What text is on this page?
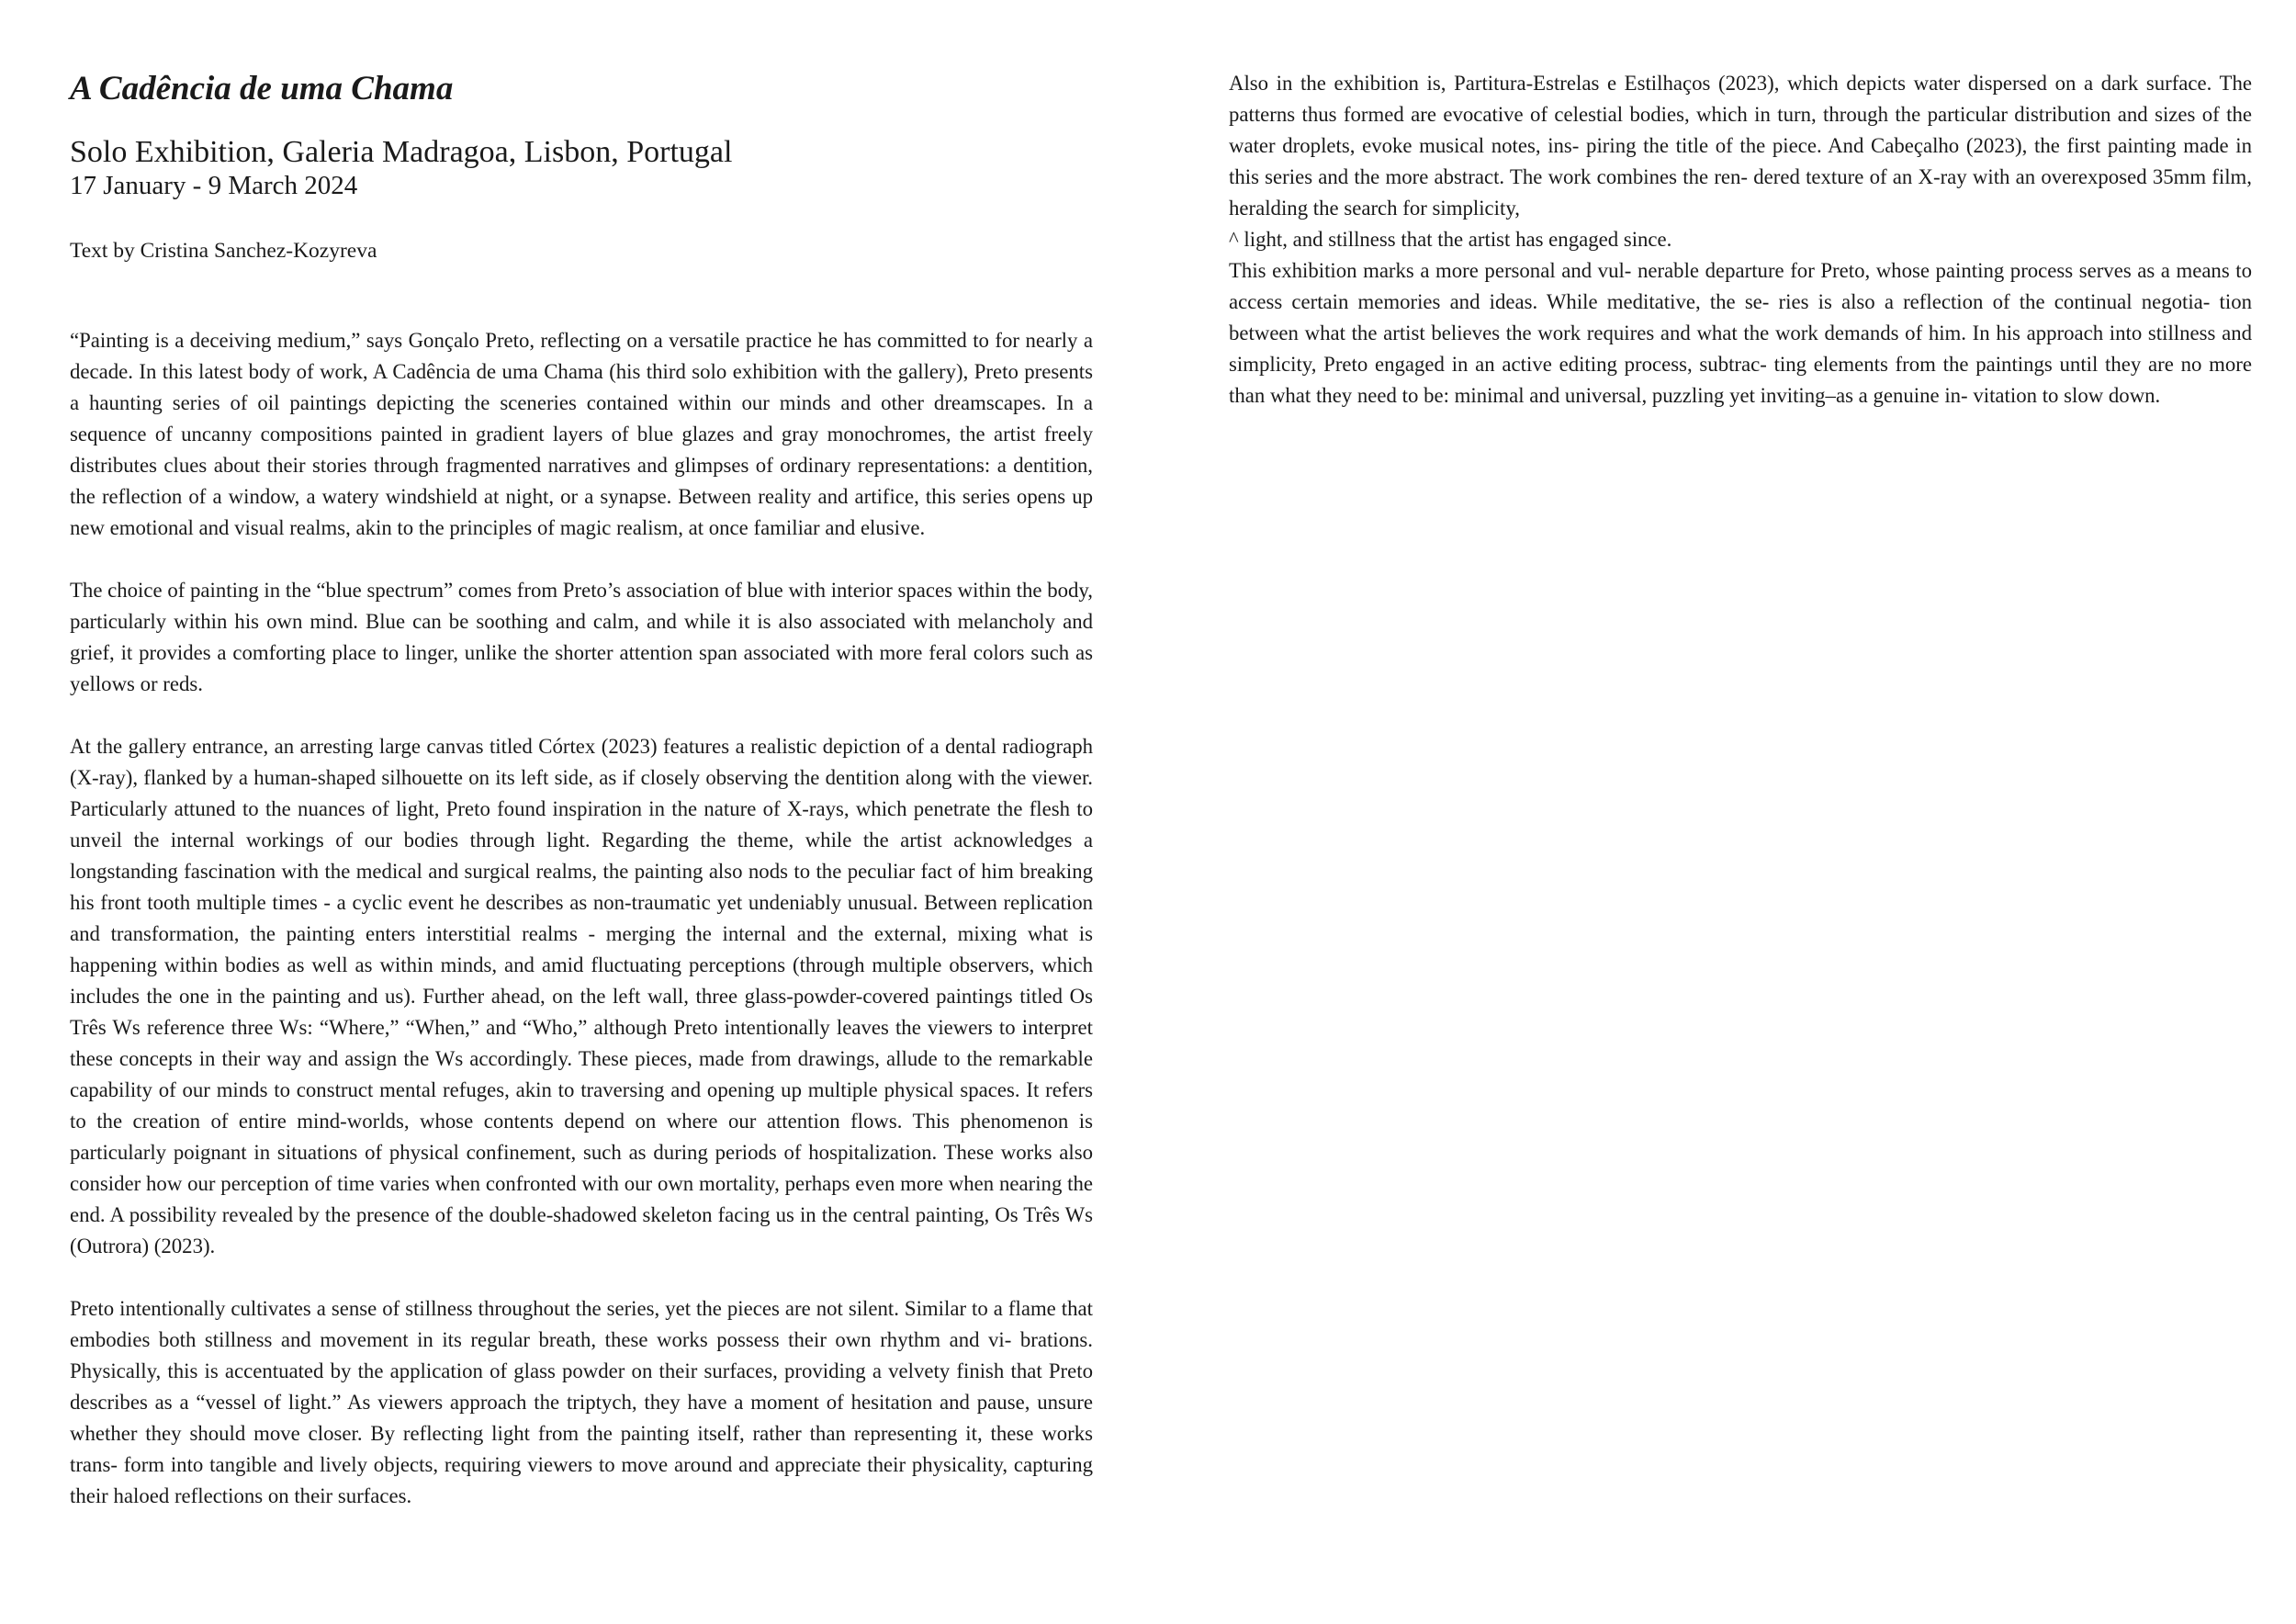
A Cadência de uma Chama

Solo Exhibition, Galeria Madragoa, Lisbon, Portugal

17 January - 9 March 2024

Text by Cristina Sanchez-Kozyreva

“Painting is a deceiving medium,” says Gonçalo Preto, reflecting on a versatile practice he has committed to for nearly a decade. In this latest body of work, A Cadência de uma Chama (his third solo exhibition with the gallery), Preto presents a haunting series of oil paintings depicting the sceneries contained within our minds and other dreamscapes. In a sequence of uncanny compositions painted in gradient layers of blue glazes and gray monochromes, the artist freely distributes clues about their stories through fragmented narratives and glimpses of ordinary representations: a dentition, the reflection of a window, a watery windshield at night, or a synapse. Between reality and artifice, this series opens up new emotional and visual realms, akin to the principles of magic realism, at once familiar and elusive.

The choice of painting in the “blue spectrum” comes from Preto’s association of blue with interior spaces within the body, particularly within his own mind. Blue can be soothing and calm, and while it is also associated with melancholy and grief, it provides a comforting place to linger, unlike the shorter attention span associated with more feral colors such as yellows or reds.

At the gallery entrance, an arresting large canvas titled Córtex (2023) features a realistic depiction of a dental radiograph (X-ray), flanked by a human-shaped silhouette on its left side, as if closely observing the dentition along with the viewer. Particularly attuned to the nuances of light, Preto found inspiration in the nature of X-rays, which penetrate the flesh to unveil the internal workings of our bodies through light. Regarding the theme, while the artist acknowledges a longstanding fascination with the medical and surgical realms, the painting also nods to the peculiar fact of him breaking his front tooth multiple times - a cyclic event he describes as non-traumatic yet undeniably unusual. Between replication and transformation, the painting enters interstitial realms - merging the internal and the external, mixing what is happening within bodies as well as within minds, and amid fluctuating perceptions (through multiple observers, which includes the one in the painting and us). Further ahead, on the left wall, three glass-powder-covered paintings titled Os Três Ws reference three Ws: “Where,” “When,” and “Who,” although Preto intentionally leaves the viewers to interpret these concepts in their way and assign the Ws accordingly. These pieces, made from drawings, allude to the remarkable capability of our minds to construct mental refuges, akin to traversing and opening up multiple physical spaces. It refers to the creation of entire mind-worlds, whose contents depend on where our attention flows. This phenomenon is particularly poignant in situations of physical confinement, such as during periods of hospitalization. These works also consider how our perception of time varies when confronted with our own mortality, perhaps even more when nearing the end. A possibility revealed by the presence of the double-shadowed skeleton facing us in the central painting, Os Três Ws (Outrora) (2023).

Preto intentionally cultivates a sense of stillness throughout the series, yet the pieces are not silent. Similar to a flame that embodies both stillness and movement in its regular breath, these works possess their own rhythm and vi- brations. Physically, this is accentuated by the application of glass powder on their surfaces, providing a velvety finish that Preto describes as a “vessel of light.” As viewers approach the triptych, they have a moment of hesitation and pause, unsure whether they should move closer. By reflecting light from the painting itself, rather than representing it, these works trans- form into tangible and lively objects, requiring viewers to move around and appreciate their physicality, capturing their haloed reflections on their surfaces.

Also in the exhibition is, Partitura-Estrelas e Estilhaços (2023), which depicts water dispersed on a dark surface. The patterns thus formed are evocative of celestial bodies, which in turn, through the particular distribution and sizes of the water droplets, evoke musical notes, ins- piring the title of the piece. And Cabeçalho (2023), the first painting made in this series and the more abstract. The work combines the ren- dered texture of an X-ray with an overexposed 35mm film, heralding the search for simplicity,

^ light, and stillness that the artist has engaged since.

This exhibition marks a more personal and vul- nerable departure for Preto, whose painting process serves as a means to access certain memories and ideas. While meditative, the se- ries is also a reflection of the continual negotia- tion between what the artist believes the work requires and what the work demands of him. In his approach into stillness and simplicity, Preto engaged in an active editing process, subtrac- ting elements from the paintings until they are no more than what they need to be: minimal and universal, puzzling yet inviting–as a genuine in- vitation to slow down.
